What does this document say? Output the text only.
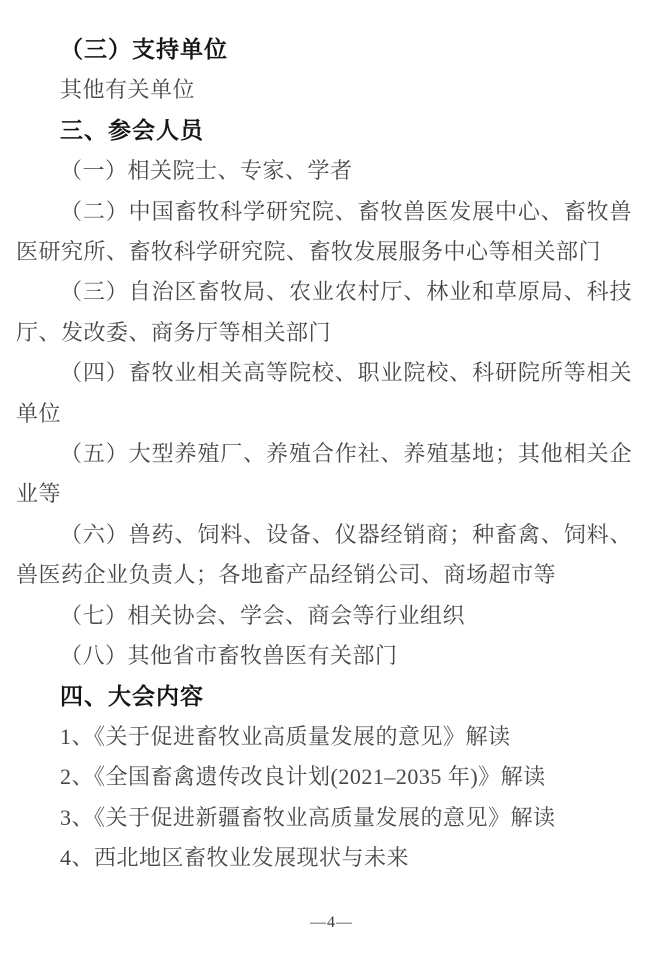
（三）支持单位
其他有关单位
三、参会人员
（一）相关院士、专家、学者
（二）中国畜牧科学研究院、畜牧兽医发展中心、畜牧兽
医研究所、畜牧科学研究院、畜牧发展服务中心等相关部门
（三）自治区畜牧局、农业农村厅、林业和草原局、科技
厅、发改委、商务厅等相关部门
（四）畜牧业相关高等院校、职业院校、科研院所等相关
单位
（五）大型养殖厂、养殖合作社、养殖基地；其他相关企
业等
（六）兽药、饲料、设备、仪器经销商；种畜禽、饲料、
兽医药企业负责人；各地畜产品经销公司、商场超市等
（七）相关协会、学会、商会等行业组织
（八）其他省市畜牧兽医有关部门
四、大会内容
1、《关于促进畜牧业高质量发展的意见》解读
2、《全国畜禽遗传改良计划(2021–2035 年)》解读
3、《关于促进新疆畜牧业高质量发展的意见》解读
4、西北地区畜牧业发展现状与未来
—4—
